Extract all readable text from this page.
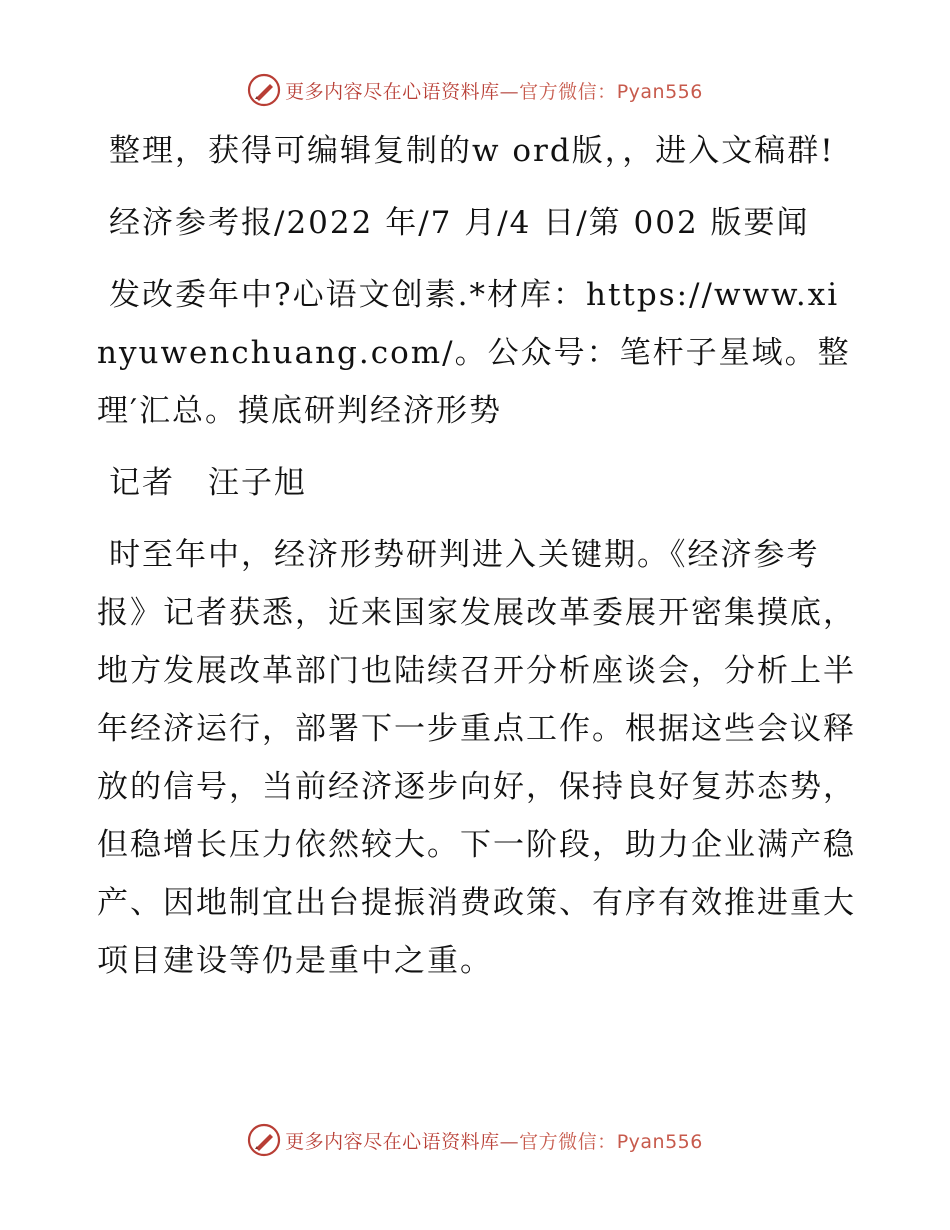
更多内容尽在心语资料库—官方微信：Pyan556

整理，获得可编辑复制的w ord版，，进入文稿群!

经济参考报/2022 年/7 月/4 日/第 002 版要闻

发改委年中?心语文创素.*材库：https://www.xinyuwenchuang.com/。公众号：笔杆子星域。整理′汇总。摸底研判经济形势

记者　汪子旭

时至年中，经济形势研判进入关键期。《经济参考报》记者获悉，近来国家发展改革委展开密集摸底，地方发展改革部门也陆续召开分析座谈会，分析上半年经济运行，部署下一步重点工作。根据这些会议释放的信号，当前经济逐步向好，保持良好复苏态势，但稳增长压力依然较大。下一阶段，助力企业满产稳产、因地制宜出台提振消费政策、有序有效推进重大项目建设等仍是重中之重。

更多内容尽在心语资料库—官方微信：Pyan556
